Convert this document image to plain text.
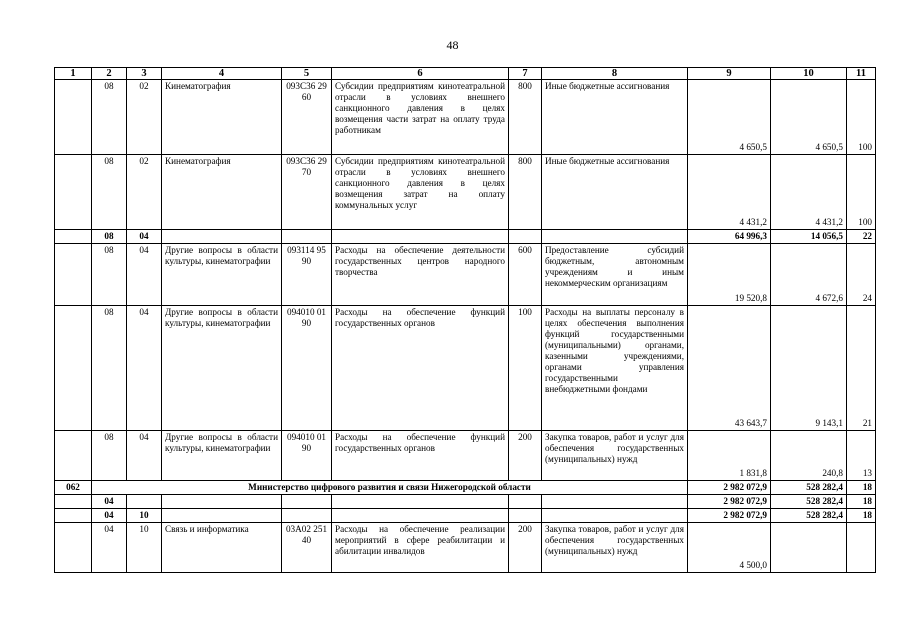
48
1	2	3	4	5	6	7	8	9	10	11
	08	02	Кинематография	093С36 2960	Субсидии предприятиям кинотеатральной отрасли в условиях внешнего санкционного давления в целях возмещения части затрат на оплату труда работникам	800	Иные бюджетные ассигнования	4 650,5	4 650,5	100
	08	02	Кинематография	093С36 2970	Субсидии предприятиям кинотеатральной отрасли в условиях внешнего санкционного давления в целях возмещения затрат на оплату коммунальных услуг	800	Иные бюджетные ассигнования	4 431,2	4 431,2	100
	08	04						64 996,3	14 056,5	22
	08	04	Другие вопросы в области культуры, кинематографии	093114 9590	Расходы на обеспечение деятельности государственных центров народного творчества	600	Предоставление субсидий бюджетным, автономным учреждениям и иным некоммерческим организациям	19 520,8	4 672,6	24
	08	04	Другие вопросы в области культуры, кинематографии	094010 0190	Расходы на обеспечение функций государственных органов	100	Расходы на выплаты персоналу в целях обеспечения выполнения функций государственными (муниципальными) органами, казенными учреждениями, органами управления государственными внебюджетными фондами	43 643,7	9 143,1	21
	08	04	Другие вопросы в области культуры, кинематографии	094010 0190	Расходы на обеспечение функций государственных органов	200	Закупка товаров, работ и услуг для обеспечения государственных (муниципальных) нужд	1 831,8	240,8	13
062	Министерство цифрового развития и связи Нижегородской области							2 982 072,9	528 282,4	18
	04							2 982 072,9	528 282,4	18
	04	10						2 982 072,9	528 282,4	18
	04	10	Связь и информатика	03А02 25140	Расходы на обеспечение реализации мероприятий в сфере реабилитации и абилитации инвалидов	200	Закупка товаров, работ и услуг для обеспечения государственных (муниципальных) нужд	4 500,0		
